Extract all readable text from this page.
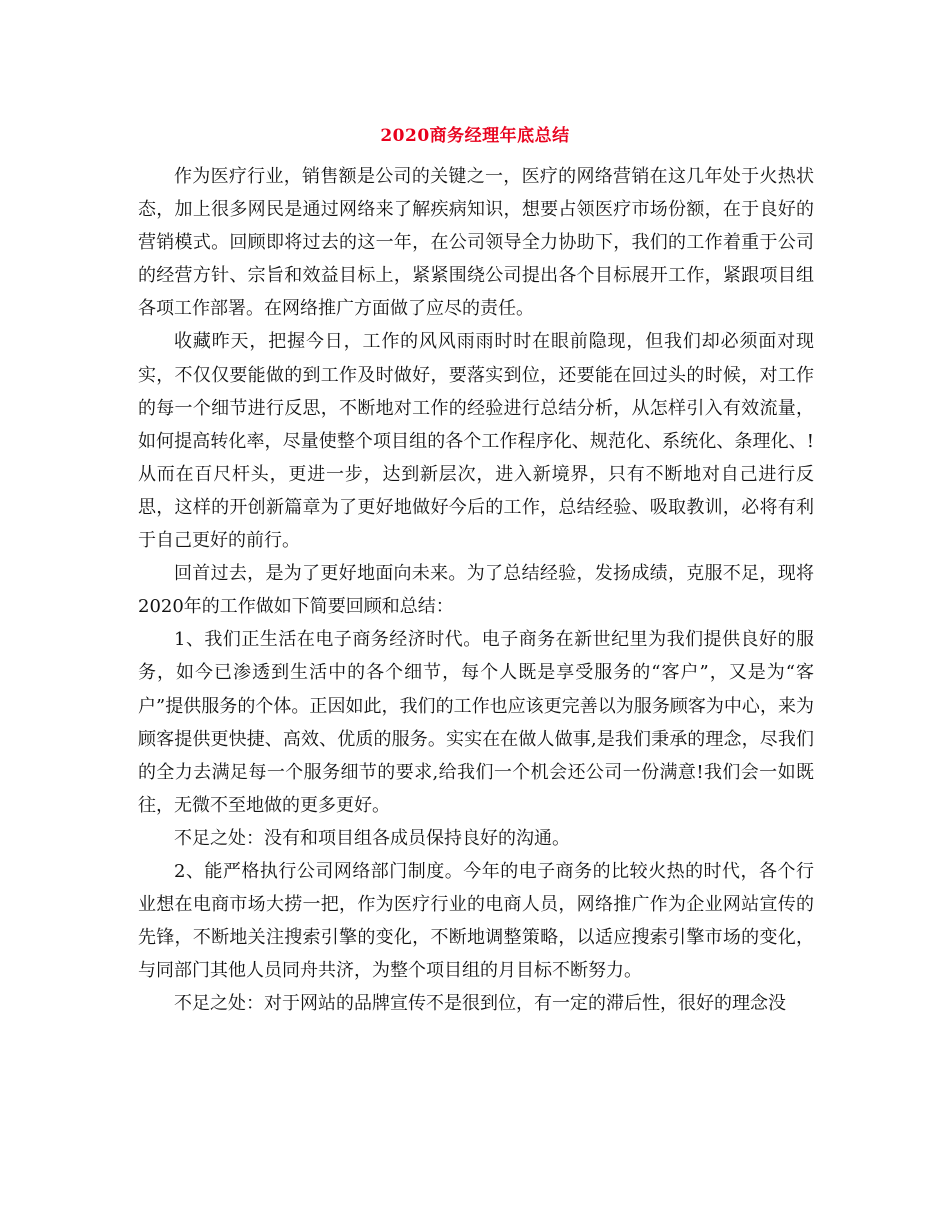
2020商务经理年底总结

作为医疗行业，销售额是公司的关键之一，医疗的网络营销在这几年处于火热状态，加上很多网民是通过网络来了解疾病知识，想要占领医疗市场份额，在于良好的营销模式。回顾即将过去的这一年，在公司领导全力协助下，我们的工作着重于公司的经营方针、宗旨和效益目标上，紧紧围绕公司提出各个目标展开工作，紧跟项目组各项工作部署。在网络推广方面做了应尽的责任。

收藏昨天，把握今日，工作的风风雨雨时时在眼前隐现，但我们却必须面对现实，不仅仅要能做的到工作及时做好，要落实到位，还要能在回过头的时候，对工作的每一个细节进行反思，不断地对工作的经验进行总结分析，从怎样引入有效流量，如何提高转化率，尽量使整个项目组的各个工作程序化、规范化、系统化、条理化、!从而在百尺杆头，更进一步，达到新层次，进入新境界，只有不断地对自己进行反思，这样的开创新篇章为了更好地做好今后的工作，总结经验、吸取教训，必将有利于自己更好的前行。

回首过去，是为了更好地面向未来。为了总结经验，发扬成绩，克服不足，现将2020年的工作做如下简要回顾和总结：

1、我们正生活在电子商务经济时代。电子商务在新世纪里为我们提供良好的服务，如今已渗透到生活中的各个细节，每个人既是享受服务的“客户”，又是为“客户”提供服务的个体。正因如此，我们的工作也应该更完善以为服务顾客为中心，来为顾客提供更快捷、高效、优质的服务。实实在在做人做事,是我们秉承的理念，尽我们的全力去满足每一个服务细节的要求,给我们一个机会还公司一份满意!我们会一如既往，无微不至地做的更多更好。

不足之处：没有和项目组各成员保持良好的沟通。

2、能严格执行公司网络部门制度。今年的电子商务的比较火热的时代，各个行业想在电商市场大捞一把，作为医疗行业的电商人员，网络推广作为企业网站宣传的先锋，不断地关注搜索引擎的变化，不断地调整策略，以适应搜索引擎市场的变化，与同部门其他人员同舟共济，为整个项目组的月目标不断努力。

不足之处：对于网站的品牌宣传不是很到位，有一定的滞后性，很好的理念没
